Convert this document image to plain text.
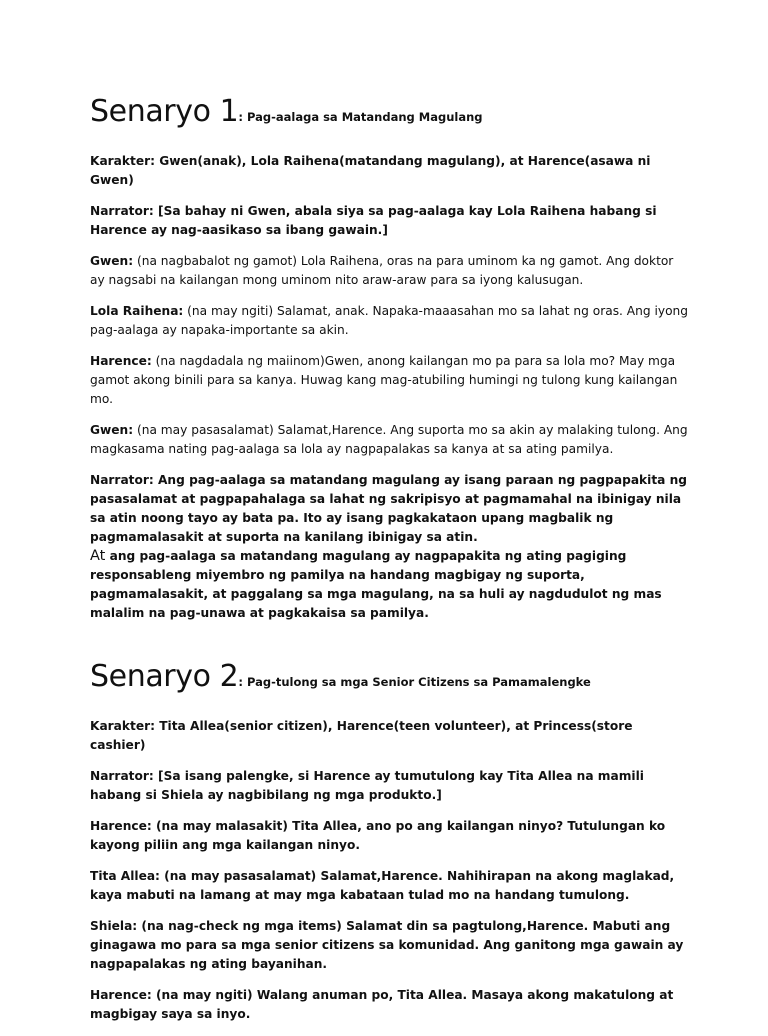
Senaryo 1: Pag-aalaga sa Matandang Magulang

Karakter: Gwen(anak), Lola Raihena(matandang magulang), at Harence(asawa ni Gwen)

Narrator: [Sa bahay ni Gwen, abala siya sa pag-aalaga kay Lola Raihena habang si Harence ay nag-aasikaso sa ibang gawain.]

Gwen: (na nagbabalot ng gamot) Lola Raihena, oras na para uminom ka ng gamot. Ang doktor ay nagsabi na kailangan mong uminom nito araw-araw para sa iyong kalusugan.

Lola Raihena: (na may ngiti) Salamat, anak. Napaka-maaasahan mo sa lahat ng oras. Ang iyong pag-aalaga ay napaka-importante sa akin.

Harence: (na nagdadala ng maiinom)Gwen, anong kailangan mo pa para sa lola mo? May mga gamot akong binili para sa kanya. Huwag kang mag-atubiling humingi ng tulong kung kailangan mo.

Gwen: (na may pasasalamat) Salamat,Harence. Ang suporta mo sa akin ay malaking tulong. Ang magkasama nating pag-aalaga sa lola ay nagpapalakas sa kanya at sa ating pamilya.

Narrator: Ang pag-aalaga sa matandang magulang ay isang paraan ng pagpapakita ng pasasalamat at pagpapahalaga sa lahat ng sakripisyo at pagmamahal na ibinigay nila sa atin noong tayo ay bata pa. Ito ay isang pagkakataon upang magbalik ng pagmamalasakit at suporta na kanilang ibinigay sa atin.
At ang pag-aalaga sa matandang magulang ay nagpapakita ng ating pagiging responsableng miyembro ng pamilya na handang magbigay ng suporta, pagmamalasakit, at paggalang sa mga magulang, na sa huli ay nagdudulot ng mas malalim na pag-unawa at pagkakaisa sa pamilya.

Senaryo 2: Pag-tulong sa mga Senior Citizens sa Pamamalengke

Karakter: Tita Allea(senior citizen), Harence(teen volunteer), at Princess(store cashier)

Narrator: [Sa isang palengke, si Harence ay tumutulong kay Tita Allea na mamili habang si Shiela ay nagbibilang ng mga produkto.]

Harence: (na may malasakit) Tita Allea, ano po ang kailangan ninyo? Tutulungan ko kayong piliin ang mga kailangan ninyo.

Tita Allea: (na may pasasalamat) Salamat,Harence. Nahihirapan na akong maglakad, kaya mabuti na lamang at may mga kabataan tulad mo na handang tumulong.

Shiela: (na nag-check ng mga items) Salamat din sa pagtulong,Harence. Mabuti ang ginagawa mo para sa mga senior citizens sa komunidad. Ang ganitong mga gawain ay nagpapalakas ng ating bayanihan.

Harence: (na may ngiti) Walang anuman po, Tita Allea. Masaya akong makatulong at magbigay saya sa inyo.
